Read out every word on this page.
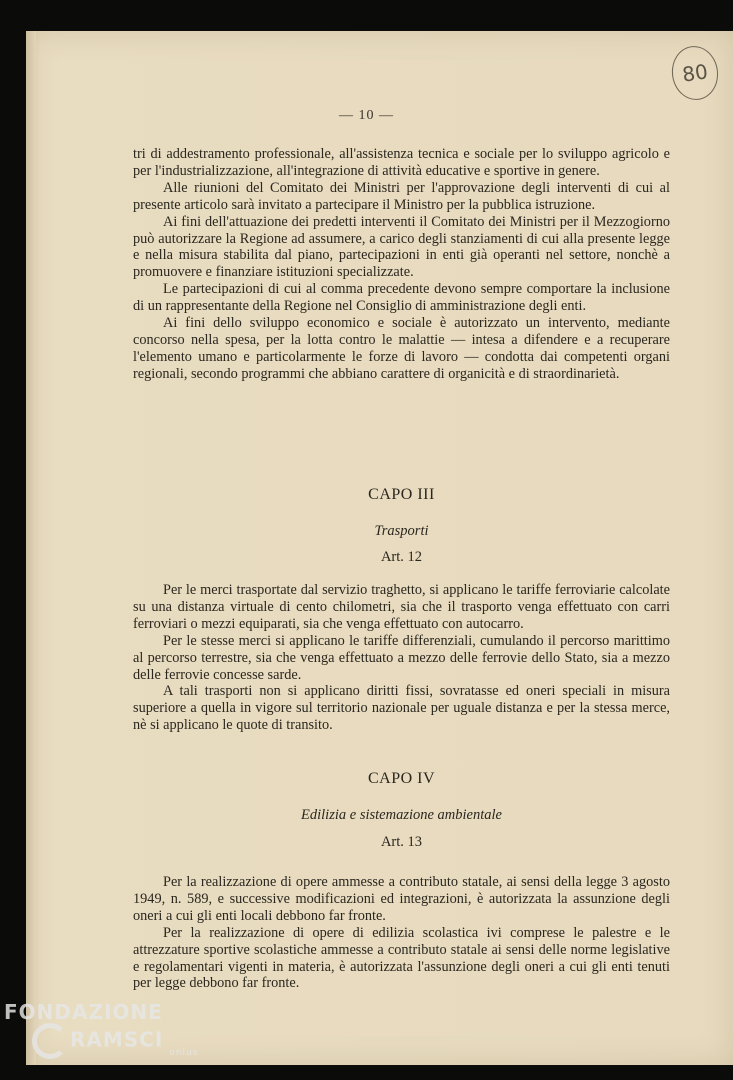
80
— 10 —

tri di addestramento professionale, all'assistenza tecnica e sociale per lo sviluppo agricolo e per l'industrializzazione, all'integrazione di attività educative e sportive in genere.

Alle riunioni del Comitato dei Ministri per l'approvazione degli interventi di cui al presente articolo sarà invitato a partecipare il Ministro per la pubblica istruzione.

Ai fini dell'attuazione dei predetti interventi il Comitato dei Ministri per il Mezzogiorno può autorizzare la Regione ad assumere, a carico degli stanziamenti di cui alla presente legge e nella misura stabilita dal piano, partecipazioni in enti già operanti nel settore, nonchè a promuovere e finanziare istituzioni specializzate.

Le partecipazioni di cui al comma precedente devono sempre comportare la inclusione di un rappresentante della Regione nel Consiglio di amministrazione degli enti.

Ai fini dello sviluppo economico e sociale è autorizzato un intervento, mediante concorso nella spesa, per la lotta contro le malattie — intesa a difendere e a recuperare l'elemento umano e particolarmente le forze di lavoro — condotta dai competenti organi regionali, secondo programmi che abbiano carattere di organicità e di straordinarietà.

CAPO III
Trasporti
Art. 12

Per le merci trasportate dal servizio traghetto, si applicano le tariffe ferroviarie calcolate su una distanza virtuale di cento chilometri, sia che il trasporto venga effettuato con carri ferroviari o mezzi equiparati, sia che venga effettuato con autocarro.

Per le stesse merci si applicano le tariffe differenziali, cumulando il percorso marittimo al percorso terrestre, sia che venga effettuato a mezzo delle ferrovie dello Stato, sia a mezzo delle ferrovie concesse sarde.

A tali trasporti non si applicano diritti fissi, sovratasse ed oneri speciali in misura superiore a quella in vigore sul territorio nazionale per uguale distanza e per la stessa merce, nè si applicano le quote di transito.

CAPO IV
Edilizia e sistemazione ambientale
Art. 13

Per la realizzazione di opere ammesse a contributo statale, ai sensi della legge 3 agosto 1949, n. 589, e successive modificazioni ed integrazioni, è autorizzata la assunzione degli oneri a cui gli enti locali debbono far fronte.

Per la realizzazione di opere di edilizia scolastica ivi comprese le palestre e le attrezzature sportive scolastiche ammesse a contributo statale ai sensi delle norme legislative e regolamentari vigenti in materia, è autorizzata l'assunzione degli oneri a cui gli enti tenuti per legge debbono far fronte.

FONDAZIONE
$RAMSCI_{onlus}$
